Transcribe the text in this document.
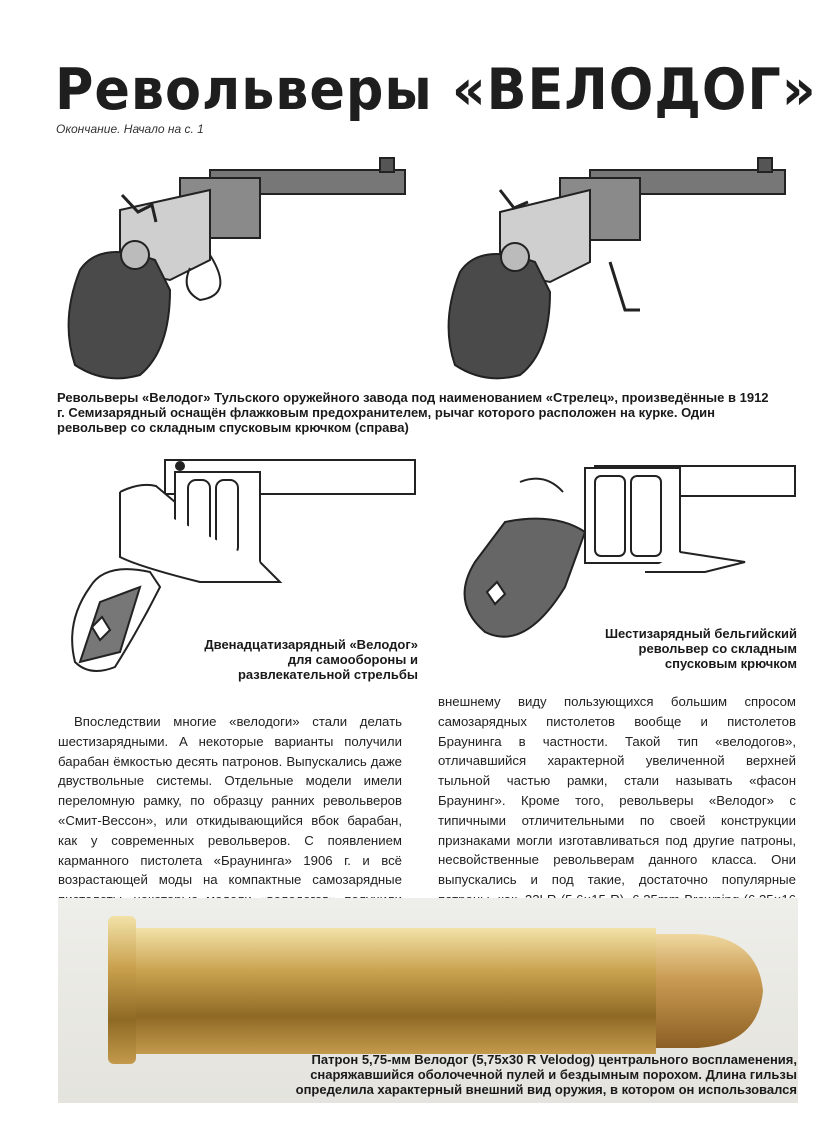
Револьверы «ВЕЛОДОГ»
Окончание. Начало на с. 1
Револьверы «Велодог» Тульского оружейного завода под наименованием «Стрелец», произведённые в 1912 г. Семизарядный оснащён флажковым предохранителем, рычаг которого расположен на курке. Один револьвер со складным спусковым крючком (справа)
Двенадцатизарядный «Велодог» для самообороны и развлекательной стрельбы
Шестизарядный бельгийский револьвер со складным спусковым крючком

Впоследствии многие «велодоги» стали делать шестизарядными. А некоторые варианты получили барабан ёмкостью десять патронов. Выпускались даже двуствольные системы. Отдельные модели имели переломную рамку, по образцу ранних револьверов «Смит-Вессон», или откидывающийся вбок барабан, как у современных револьверов. С появлением карманного пистолета «Браунинга» 1906 г. и всё возрастающей моды на компактные самозарядные

внешнему виду пользующихся большим спросом самозарядных пистолетов вообще и пистолетов Браунинга в частности. Такой тип «велодогов», отличавшийся характерной увеличенной верхней тыльной частью рамки, стали называть «фасон Браунинг». Кроме того, револьверы «Велодог» с типичными отличительными по своей конструкции признаками могли изготавливаться под другие патроны, несвойственные револьверам данного класса. Они выпускались и под такие, достаточно популярные

Патрон 5,75-мм Велодог (5,75x30 R Velodog) центрального воспламенения, снаряжавшийся оболочечной пулей и бездымным порохом. Длина гильзы определила характерный внешний вид оружия, в котором он использовался
